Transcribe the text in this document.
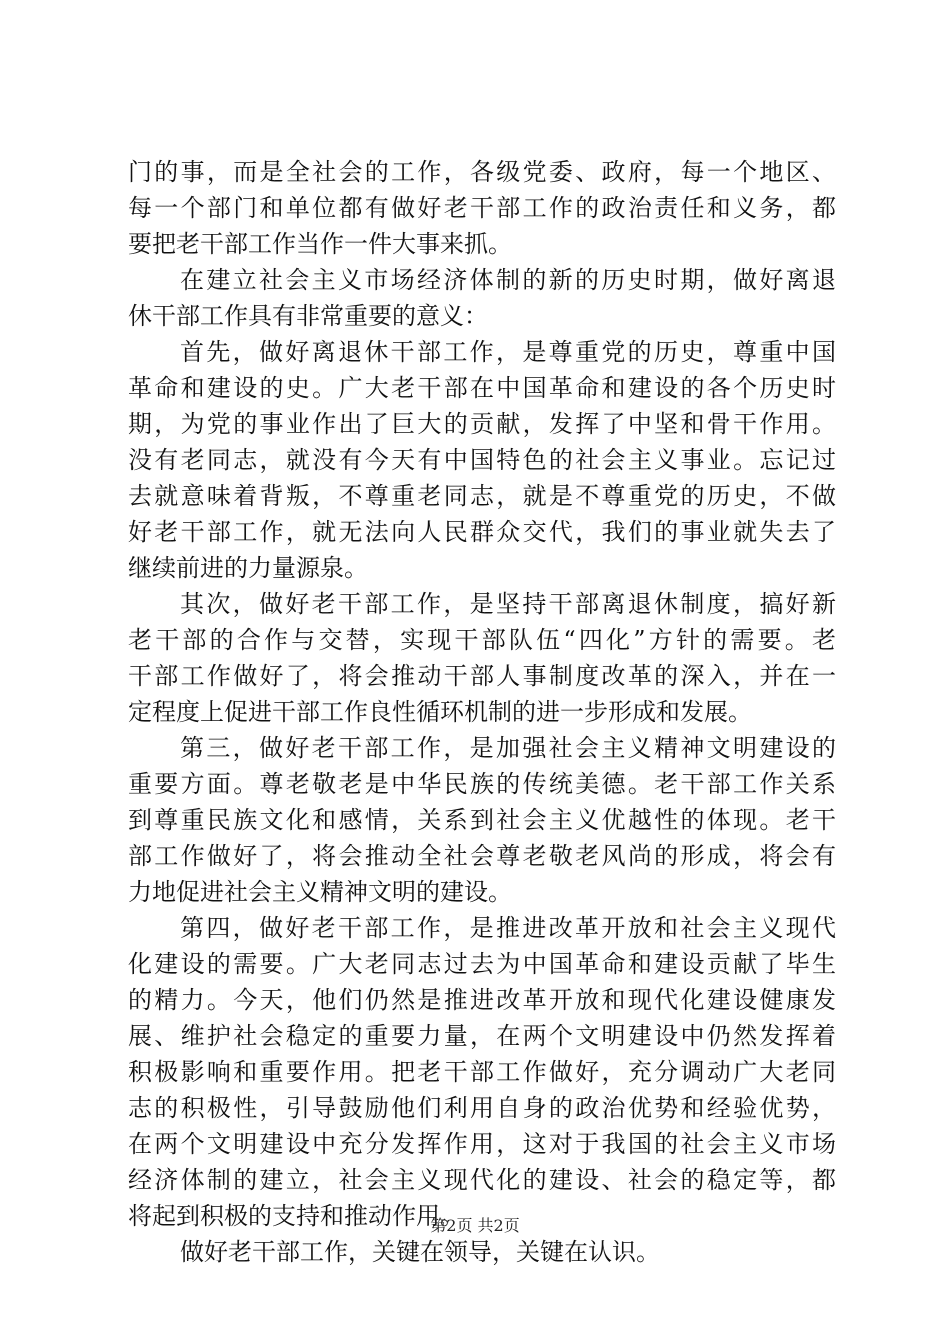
门的事，而是全社会的工作，各级党委、政府，每一个地区、
每一个部门和单位都有做好老干部工作的政治责任和义务，都
要把老干部工作当作一件大事来抓。
在建立社会主义市场经济体制的新的历史时期，做好离退
休干部工作具有非常重要的意义：
首先，做好离退休干部工作，是尊重党的历史，尊重中国
革命和建设的史。广大老干部在中国革命和建设的各个历史时
期，为党的事业作出了巨大的贡献，发挥了中坚和骨干作用。
没有老同志，就没有今天有中国特色的社会主义事业。忘记过
去就意味着背叛，不尊重老同志，就是不尊重党的历史，不做
好老干部工作，就无法向人民群众交代，我们的事业就失去了
继续前进的力量源泉。
其次，做好老干部工作，是坚持干部离退休制度，搞好新
老干部的合作与交替，实现干部队伍“四化”方针的需要。老
干部工作做好了，将会推动干部人事制度改革的深入，并在一
定程度上促进干部工作良性循环机制的进一步形成和发展。
第三，做好老干部工作，是加强社会主义精神文明建设的
重要方面。尊老敬老是中华民族的传统美德。老干部工作关系
到尊重民族文化和感情，关系到社会主义优越性的体现。老干
部工作做好了，将会推动全社会尊老敬老风尚的形成，将会有
力地促进社会主义精神文明的建设。
第四，做好老干部工作，是推进改革开放和社会主义现代
化建设的需要。广大老同志过去为中国革命和建设贡献了毕生
的精力。今天，他们仍然是推进改革开放和现代化建设健康发
展、维护社会稳定的重要力量，在两个文明建设中仍然发挥着
积极影响和重要作用。把老干部工作做好，充分调动广大老同
志的积极性，引导鼓励他们利用自身的政治优势和经验优势，
在两个文明建设中充分发挥作用，这对于我国的社会主义市场
经济体制的建立，社会主义现代化的建设、社会的稳定等，都
将起到积极的支持和推动作用。
做好老干部工作，关键在领导，关键在认识。
第2页 共2页
